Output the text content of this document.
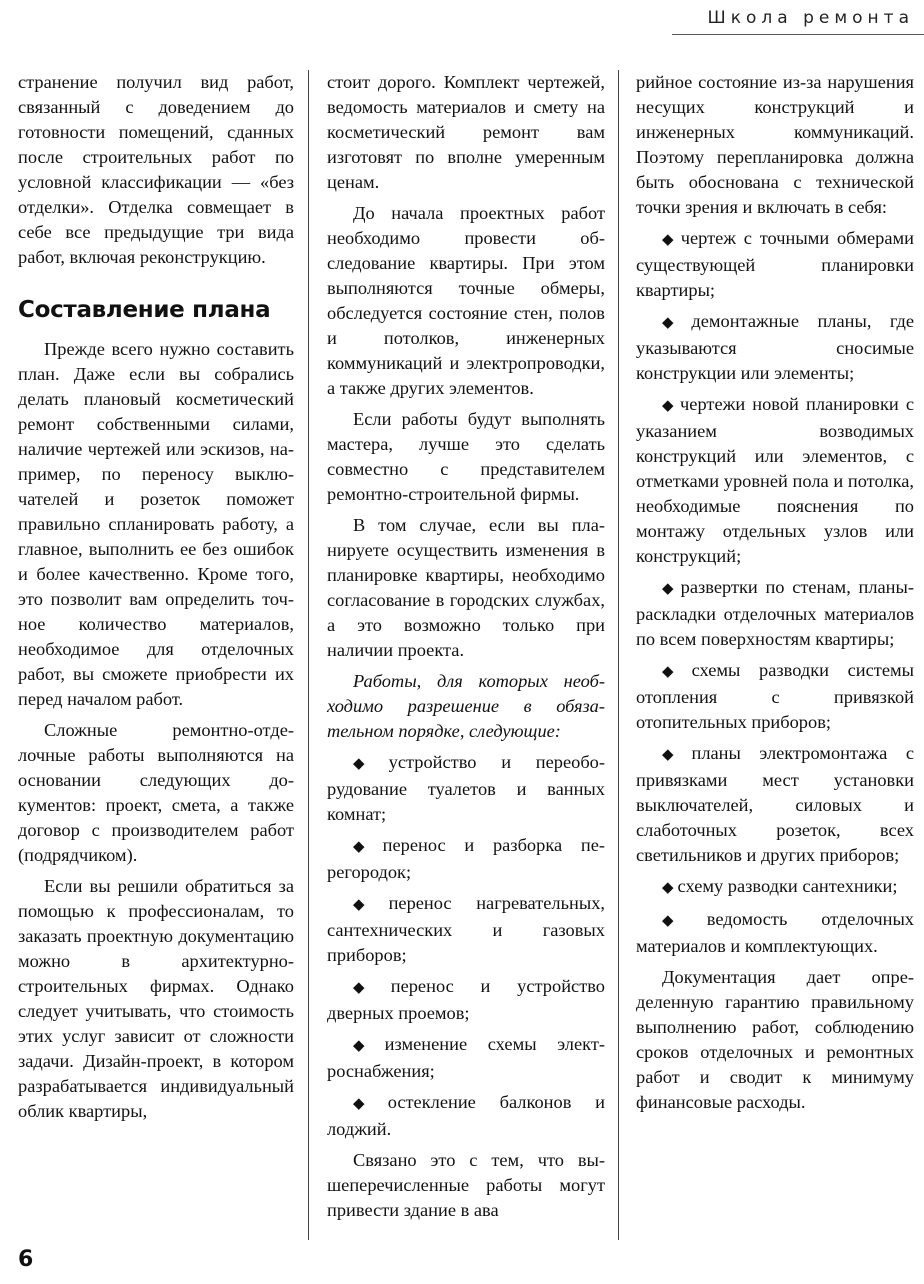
Школа ремонта

странение получил вид работ, связанный с доведением до готовности помещений, сданных после строительных работ по условной классификации — «без отделки». Отделка совмещает в себе все предыдущие три вида работ, включая реконструкцию.

Составление плана

Прежде всего нужно составить план. Даже если вы собрались делать плановый косметический ремонт собственными силами, наличие чертежей или эскизов, например, по переносу выключателей и розеток поможет правильно спланировать работу, а главное, выполнить ее без ошибок и более качественно. Кроме того, это позволит вам определить точное количество материалов, необходимое для отделочных работ, вы сможете приобрести их перед началом работ.

Сложные ремонтно-отделочные работы выполняются на основании следующих документов: проект, смета, а также договор с производителем работ (подрядчиком).

Если вы решили обратиться за помощью к профессионалам, то заказать проектную документацию можно в архитектурно-строительных фирмах. Однако следует учитывать, что стоимость этих услуг зависит от сложности задачи. Дизайн-проект, в котором разрабатывается индивидуальный облик квартиры,

стоит дорого. Комплект чертежей, ведомость материалов и смету на косметический ремонт вам изготовят по вполне умеренным ценам.

До начала проектных работ необходимо провести обследование квартиры. При этом выполняются точные обмеры, обследуется состояние стен, полов и потолков, инженерных коммуникаций и электропроводки, а также других элементов.

Если работы будут выполнять мастера, лучше это сделать совместно с представителем ремонтно-строительной фирмы.

В том случае, если вы планируете осуществить изменения в планировке квартиры, необходимо согласование в городских службах, а это возможно только при наличии проекта.

Работы, для которых необходимо разрешение в обязательном порядке, следующие:

◆ устройство и переоборудование туалетов и ванных комнат;

◆ перенос и разборка перегородок;

◆ перенос нагревательных, сантехнических и газовых приборов;

◆ перенос и устройство дверных проемов;

◆ изменение схемы электроснабжения;

◆ остекление балконов и лоджий.

Связано это с тем, что вышеперечисленные работы могут привести здание в ава

рийное состояние из-за нарушения несущих конструкций и инженерных коммуникаций. Поэтому перепланировка должна быть обоснована с технической точки зрения и включать в себя:

◆ чертеж с точными обмерами существующей планировки квартиры;

◆ демонтажные планы, где указываются сносимые конструкции или элементы;

◆ чертежи новой планировки с указанием возводимых конструкций или элементов, с отметками уровней пола и потолка, необходимые пояснения по монтажу отдельных узлов или конструкций;

◆ развертки по стенам, планы-раскладки отделочных материалов по всем поверхностям квартиры;

◆ схемы разводки системы отопления с привязкой отопительных приборов;

◆ планы электромонтажа с привязками мест установки выключателей, силовых и слаботочных розеток, всех светильников и других приборов;

◆ схему разводки сантехники;

◆ ведомость отделочных материалов и комплектующих.

Документация дает определенную гарантию правильному выполнению работ, соблюдению сроков отделочных и ремонтных работ и сводит к минимуму финансовые расходы.

6
